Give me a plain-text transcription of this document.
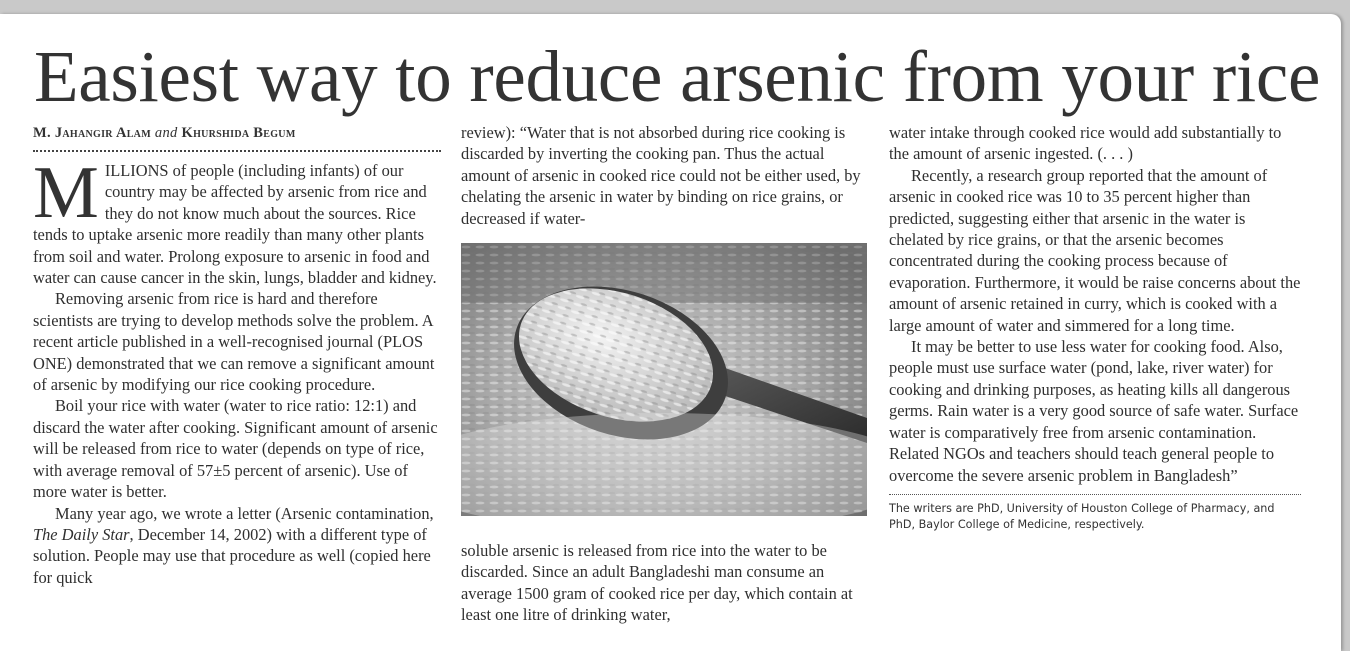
Easiest way to reduce arsenic from your rice
M. Jahangir Alam and Khurshida Begum

MILLIONS of people (including infants) of our country may be affected by arsenic from rice and they do not know much about the sources. Rice tends to uptake arsenic more readily than many other plants from soil and water. Prolong exposure to arsenic in food and water can cause cancer in the skin, lungs, bladder and kidney.

Removing arsenic from rice is hard and therefore scientists are trying to develop methods solve the problem. A recent article published in a well-recognised journal (PLOS ONE) demonstrated that we can remove a significant amount of arsenic by modifying our rice cooking procedure.

Boil your rice with water (water to rice ratio: 12:1) and discard the water after cooking. Significant amount of arsenic will be released from rice to water (depends on type of rice, with average removal of 57±5 percent of arsenic). Use of more water is better.

Many year ago, we wrote a letter (Arsenic contamination, The Daily Star, December 14, 2002) with a different type of solution. People may use that procedure as well (copied here for quick

review): “Water that is not absorbed during rice cooking is discarded by inverting the cooking pan. Thus the actual amount of arsenic in cooked rice could not be either used, by chelating the arsenic in water by binding on rice grains, or decreased if water-

soluble arsenic is released from rice into the water to be discarded. Since an adult Bangladeshi man consume an average 1500 gram of cooked rice per day, which contain at least one litre of drinking water,

water intake through cooked rice would add substantially to the amount of arsenic ingested. (. . . )

Recently, a research group reported that the amount of arsenic in cooked rice was 10 to 35 percent higher than predicted, suggesting either that arsenic in the water is chelated by rice grains, or that the arsenic becomes concentrated during the cooking process because of evaporation. Furthermore, it would be raise concerns about the amount of arsenic retained in curry, which is cooked with a large amount of water and simmered for a long time.

It may be better to use less water for cooking food. Also, people must use surface water (pond, lake, river water) for cooking and drinking purposes, as heating kills all dangerous germs. Rain water is a very good source of safe water. Surface water is comparatively free from arsenic contamination. Related NGOs and teachers should teach general people to overcome the severe arsenic problem in Bangladesh”

The writers are PhD, University of Houston College of Pharmacy, and PhD, Baylor College of Medicine, respectively.
